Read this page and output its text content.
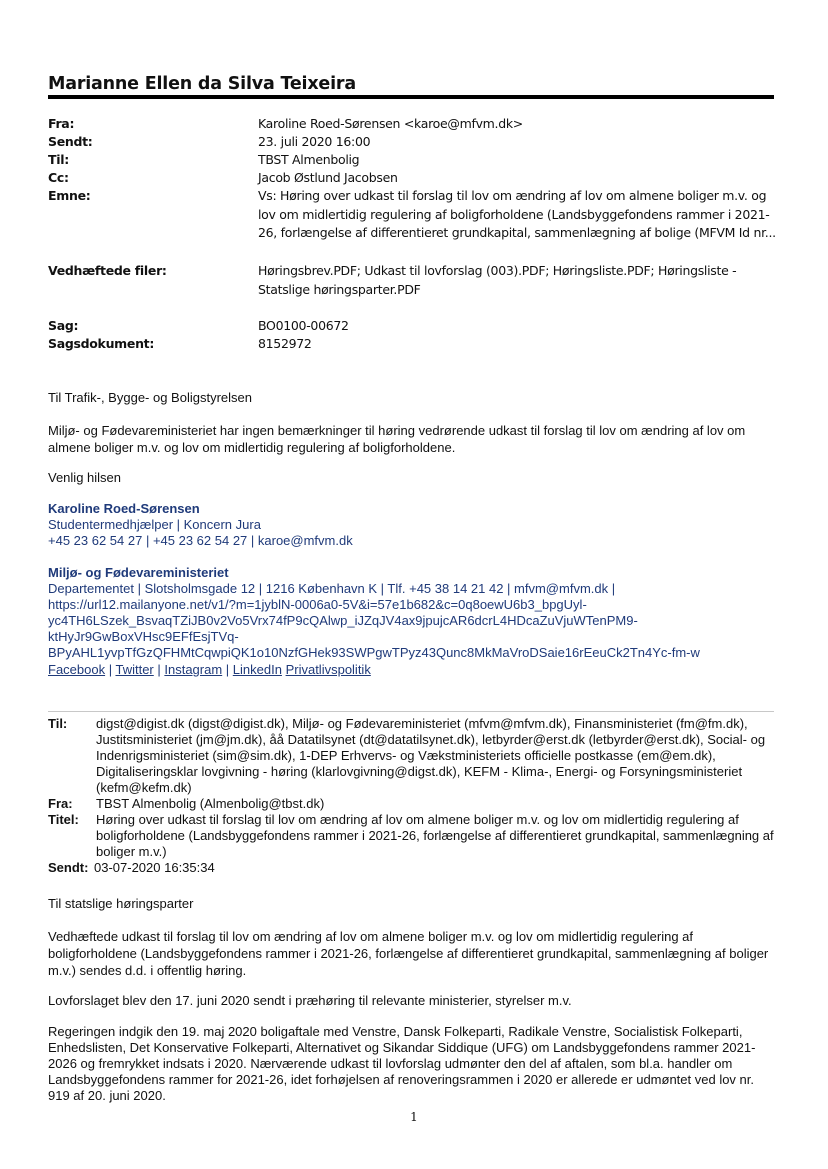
Marianne Ellen da Silva Teixeira
Fra:	Karoline Roed-Sørensen <karoe@mfvm.dk>
Sendt:	23. juli 2020 16:00
Til:	TBST Almenbolig
Cc:	Jacob Østlund Jacobsen
Emne:	Vs: Høring over udkast til forslag til lov om ændring af lov om almene boliger m.v. og lov om midlertidig regulering af boligforholdene (Landsbyggefondens rammer i 2021-26, forlængelse af differentieret grundkapital, sammenlægning af bolige (MFVM Id nr...
Vedhæftede filer:	Høringsbrev.PDF; Udkast til lovforslag (003).PDF; Høringsliste.PDF; Høringsliste - Statslige høringsparter.PDF
Sag:	BO0100-00672
Sagsdokument:	8152972
Til Trafik-, Bygge- og Boligstyrelsen
Miljø- og Fødevareministeriet har ingen bemærkninger til høring vedrørende udkast til forslag til lov om ændring af lov om almene boliger m.v. og lov om midlertidig regulering af boligforholdene.
Venlig hilsen
Karoline Roed-Sørensen
Studentermedhjælper | Koncern Jura
+45 23 62 54 27 | +45 23 62 54 27 | karoe@mfvm.dk
Miljø- og Fødevareministeriet
Departementet | Slotsholmsgade 12 | 1216 København K | Tlf. +45 38 14 21 42 | mfvm@mfvm.dk |
https://url12.mailanyone.net/v1/?m=1jyblN-0006a0-5V&i=57e1b682&c=0q8oewU6b3_bpgUyl-
yc4TH6LSzek_BsvaqTZiJB0v2Vo5Vrx74fP9cQAlwp_iJZqJV4ax9jpujcAR6dcrL4HDcaZuVjuWTenPM9-
ktHyJr9GwBoxVHsc9EFfEsjTVq-
BPyAHL1yvpTfGzQFHMtCqwpiQK1o10NzfGHek93SWPgwTPyz43Qunc8MkMaVroDSaie16rEeuCk2Tn4Yc-fm-w
Facebook | Twitter | Instagram | LinkedIn Privatlivspolitik
Til: digst@digist.dk (digst@digist.dk), Miljø- og Fødevareministeriet (mfvm@mfvm.dk), Finansministeriet (fm@fm.dk), Justitsministeriet (jm@jm.dk), åå Datatilsynet (dt@datatilsynet.dk), letbyrder@erst.dk (letbyrder@erst.dk), Social- og Indenrigsministeriet (sim@sim.dk), 1-DEP Erhvervs- og Vækstministeriets officielle postkasse (em@em.dk), Digitaliseringsklar lovgivning - høring (klarlovgivning@digst.dk), KEFM - Klima-, Energi- og Forsyningsministeriet (kefm@kefm.dk)
Fra: TBST Almenbolig (Almenbolig@tbst.dk)
Titel: Høring over udkast til forslag til lov om ændring af lov om almene boliger m.v. og lov om midlertidig regulering af boligforholdene (Landsbyggefondens rammer i 2021-26, forlængelse af differentieret grundkapital, sammenlægning af boliger m.v.)
Sendt: 03-07-2020 16:35:34
Til statslige høringsparter
Vedhæftede udkast til forslag til lov om ændring af lov om almene boliger m.v. og lov om midlertidig regulering af boligforholdene (Landsbyggefondens rammer i 2021-26, forlængelse af differentieret grundkapital, sammenlægning af boliger m.v.) sendes d.d. i offentlig høring.
Lovforslaget blev den 17. juni 2020 sendt i præhøring til relevante ministerier, styrelser m.v.
Regeringen indgik den 19. maj 2020 boligaftale med Venstre, Dansk Folkeparti, Radikale Venstre, Socialistisk Folkeparti, Enhedslisten, Det Konservative Folkeparti, Alternativet og Sikandar Siddique (UFG) om Landsbyggefondens rammer 2021-2026 og fremrykket indsats i 2020. Nærværende udkast til lovforslag udmønter den del af aftalen, som bl.a. handler om Landsbyggefondens rammer for 2021-26, idet forhøjelsen af renoveringsrammen i 2020 er allerede er udmøntet ved lov nr. 919 af 20. juni 2020.
1
